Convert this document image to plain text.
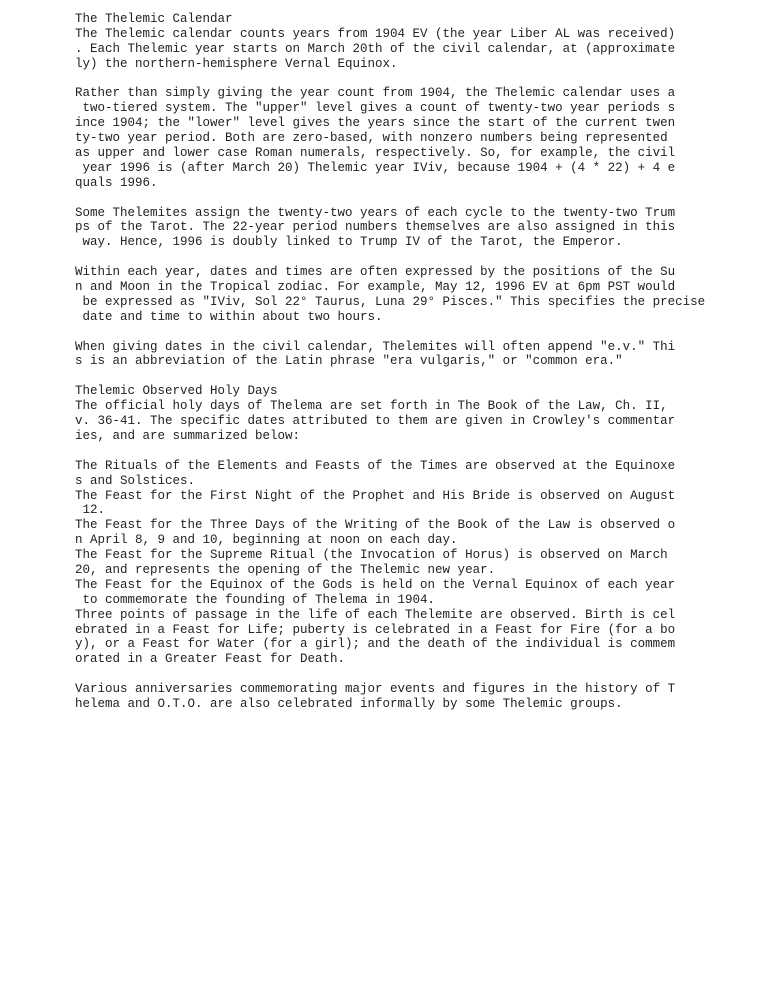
The Thelemic Calendar
The Thelemic calendar counts years from 1904 EV (the year Liber AL was received)
. Each Thelemic year starts on March 20th of the civil calendar, at (approximate
ly) the northern-hemisphere Vernal Equinox.
Rather than simply giving the year count from 1904, the Thelemic calendar uses a
two-tiered system. The "upper" level gives a count of twenty-two year periods s
ince 1904; the "lower" level gives the years since the start of the current twen
ty-two year period. Both are zero-based, with nonzero numbers being represented
as upper and lower case Roman numerals, respectively. So, for example, the civil
year 1996 is (after March 20) Thelemic year IViv, because 1904 + (4 * 22) + 4 e
quals 1996.
Some Thelemites assign the twenty-two years of each cycle to the twenty-two Trum
ps of the Tarot. The 22-year period numbers themselves are also assigned in this
way. Hence, 1996 is doubly linked to Trump IV of the Tarot, the Emperor.
Within each year, dates and times are often expressed by the positions of the Su
n and Moon in the Tropical zodiac. For example, May 12, 1996 EV at 6pm PST would
be expressed as "IViv, Sol 22° Taurus, Luna 29° Pisces." This specifies the precise
date and time to within about two hours.
When giving dates in the civil calendar, Thelemites will often append "e.v." Thi
s is an abbreviation of the Latin phrase "era vulgaris," or "common era."
Thelemic Observed Holy Days
The official holy days of Thelema are set forth in The Book of the Law, Ch. II,
v. 36-41. The specific dates attributed to them are given in Crowley's commentar
ies, and are summarized below:
The Rituals of the Elements and Feasts of the Times are observed at the Equinoxe
s and Solstices.
The Feast for the First Night of the Prophet and His Bride is observed on August
12.
The Feast for the Three Days of the Writing of the Book of the Law is observed o
n April 8, 9 and 10, beginning at noon on each day.
The Feast for the Supreme Ritual (the Invocation of Horus) is observed on March
20, and represents the opening of the Thelemic new year.
The Feast for the Equinox of the Gods is held on the Vernal Equinox of each year
to commemorate the founding of Thelema in 1904.
Three points of passage in the life of each Thelemite are observed. Birth is cel
ebrated in a Feast for Life; puberty is celebrated in a Feast for Fire (for a bo
y), or a Feast for Water (for a girl); and the death of the individual is commem
orated in a Greater Feast for Death.
Various anniversaries commemorating major events and figures in the history of T
helema and O.T.O. are also celebrated informally by some Thelemic groups.
